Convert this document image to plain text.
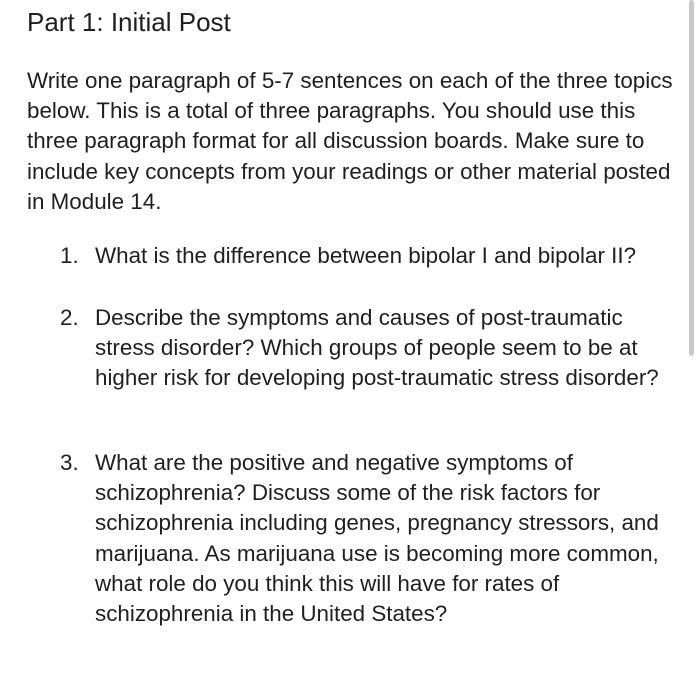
Part 1: Initial Post

Write one paragraph of 5-7 sentences on each of the three topics below. This is a total of three paragraphs. You should use this three paragraph format for all discussion boards. Make sure to include key concepts from your readings or other material posted in Module 14.

1. What is the difference between bipolar I and bipolar II?
2. Describe the symptoms and causes of post-traumatic stress disorder? Which groups of people seem to be at higher risk for developing post-traumatic stress disorder?
3. What are the positive and negative symptoms of schizophrenia? Discuss some of the risk factors for schizophrenia including genes, pregnancy stressors, and marijuana. As marijuana use is becoming more common, what role do you think this will have for rates of schizophrenia in the United States?
